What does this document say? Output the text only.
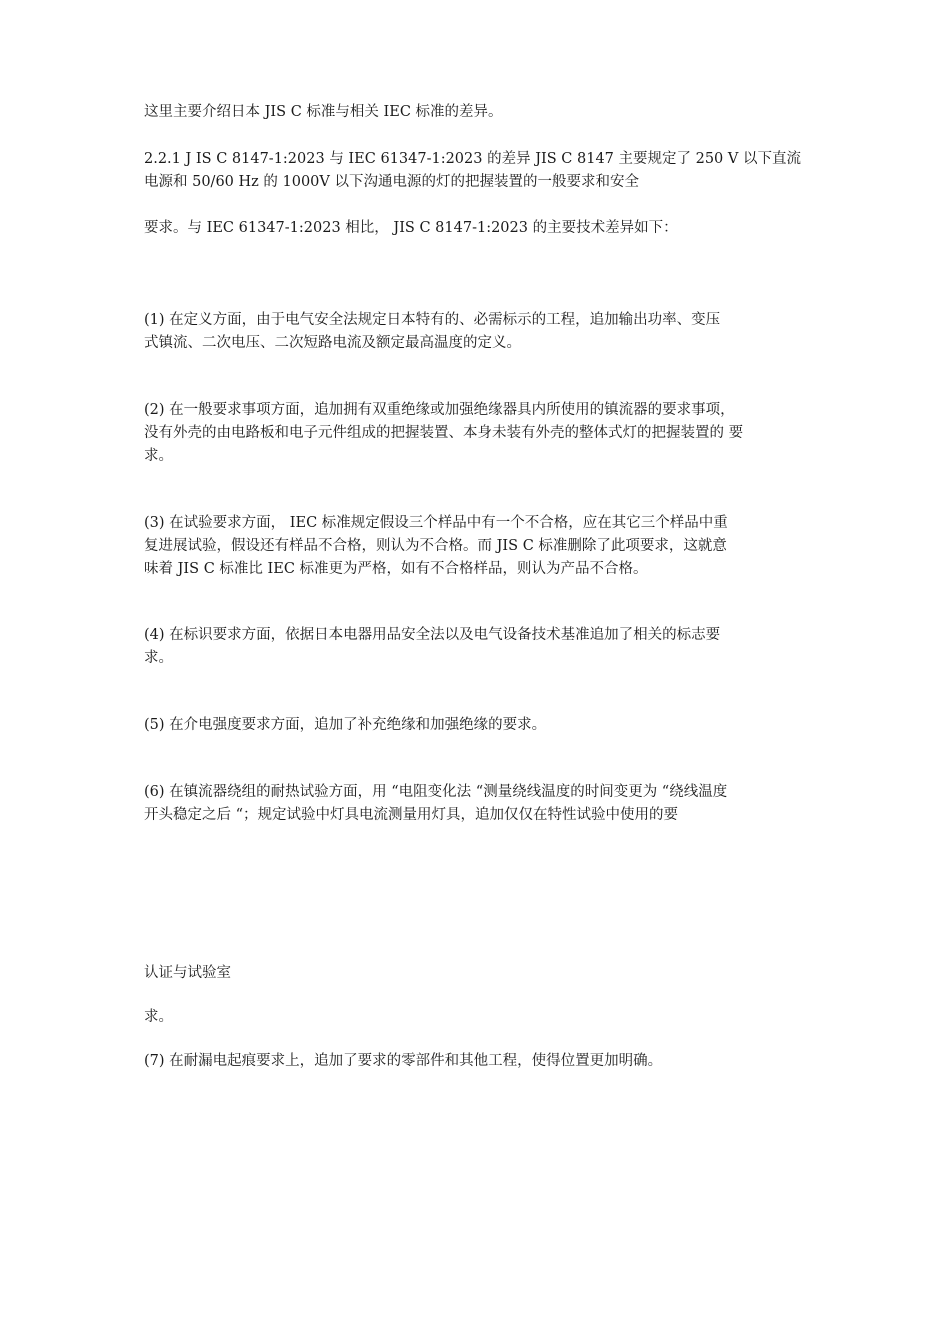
这里主要介绍日本 JIS C 标准与相关 IEC 标准的差异。

2.2.1 J IS C 8147-1:2023 与 IEC 61347-1:2023 的差异 JIS C 8147 主要规定了 250 V 以下直流
电源和 50/60 Hz 的 1000V 以下沟通电源的灯的把握装置的一般要求和安全

要求。与 IEC 61347-1:2023 相比， JIS C 8147-1:2023 的主要技术差异如下：

(1) 在定义方面，由于电气安全法规定日本特有的、必需标示的工程，追加输出功率、变压
式镇流、二次电压、二次短路电流及额定最高温度的定义。

(2) 在一般要求事项方面，追加拥有双重绝缘或加强绝缘器具内所使用的镇流器的要求事项，
没有外壳的由电路板和电子元件组成的把握装置、本身未装有外壳的整体式灯的把握装置的 要
求。

(3) 在试验要求方面， IEC 标准规定假设三个样品中有一个不合格，应在其它三个样品中重
复进展试验，假设还有样品不合格，则认为不合格。而 JIS C 标准删除了此项要求，这就意
味着 JIS C 标准比 IEC 标准更为严格，如有不合格样品，则认为产品不合格。

(4) 在标识要求方面，依据日本电器用品安全法以及电气设备技术基准追加了相关的标志要
求。

(5) 在介电强度要求方面，追加了补充绝缘和加强绝缘的要求。

(6) 在镇流器绕组的耐热试验方面，用 “电阻变化法 “测量绕线温度的时间变更为 “绕线温度
开头稳定之后 “；规定试验中灯具电流测量用灯具，追加仅仅在特性试验中使用的要

认证与试验室

求。

(7) 在耐漏电起痕要求上，追加了要求的零部件和其他工程，使得位置更加明确。
